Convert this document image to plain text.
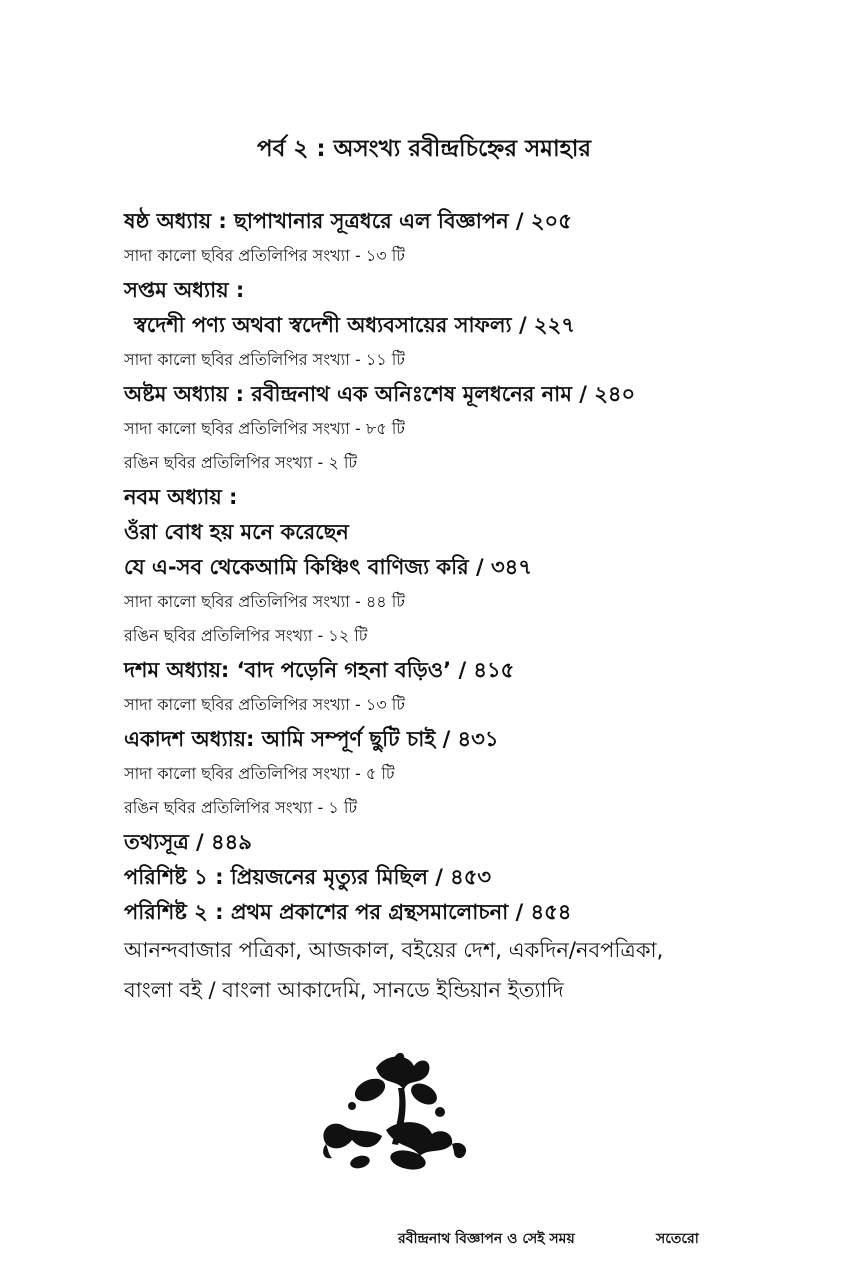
পর্ব ২ : অসংখ্য রবীন্দ্রচিহ্নের সমাহার
ষষ্ঠ অধ্যায় : ছাপাখানার সূত্রধরে এল বিজ্ঞাপন / ২০৫
সাদা কালো ছবির প্রতিলিপির সংখ্যা - ১৩ টি
সপ্তম অধ্যায় :
স্বদেশী পণ্য অথবা স্বদেশী অধ্যবসায়ের সাফল্য / ২২৭
সাদা কালো ছবির প্রতিলিপির সংখ্যা - ১১ টি
অষ্টম অধ্যায় : রবীন্দ্রনাথ এক অনিঃশেষ মূলধনের নাম / ২৪০
সাদা কালো ছবির প্রতিলিপির সংখ্যা - ৮৫ টি
রঙিন ছবির প্রতিলিপির সংখ্যা - ২ টি
নবম অধ্যায় :
ওঁরা বোধ হয় মনে করেছেন
যে এ-সব থেকেআমি কিঞ্চিৎ বাণিজ্য করি / ৩৪৭
সাদা কালো ছবির প্রতিলিপির সংখ্যা - ৪৪ টি
রঙিন ছবির প্রতিলিপির সংখ্যা - ১২ টি
দশম অধ্যায়: ‘বাদ পড়েনি গহনা বড়িও’ / ৪১৫
সাদা কালো ছবির প্রতিলিপির সংখ্যা - ১৩ টি
একাদশ অধ্যায়: আমি সম্পূর্ণ ছুটি চাই / ৪৩১
সাদা কালো ছবির প্রতিলিপির সংখ্যা - ৫ টি
রঙিন ছবির প্রতিলিপির সংখ্যা - ১ টি
তথ্যসূত্র / ৪৪৯
পরিশিষ্ট ১ : প্রিয়জনের মৃত্যুর মিছিল / ৪৫৩
পরিশিষ্ট ২ : প্রথম প্রকাশের পর গ্রন্থসমালোচনা / ৪৫৪
আনন্দবাজার পত্রিকা, আজকাল, বইয়ের দেশ, একদিন/নবপত্রিকা,
বাংলা বই / বাংলা আকাদেমি, সানডে ইন্ডিয়ান ইত্যাদি
রবীন্দ্রনাথ বিজ্ঞাপন ও সেই সময়	সতেরো
